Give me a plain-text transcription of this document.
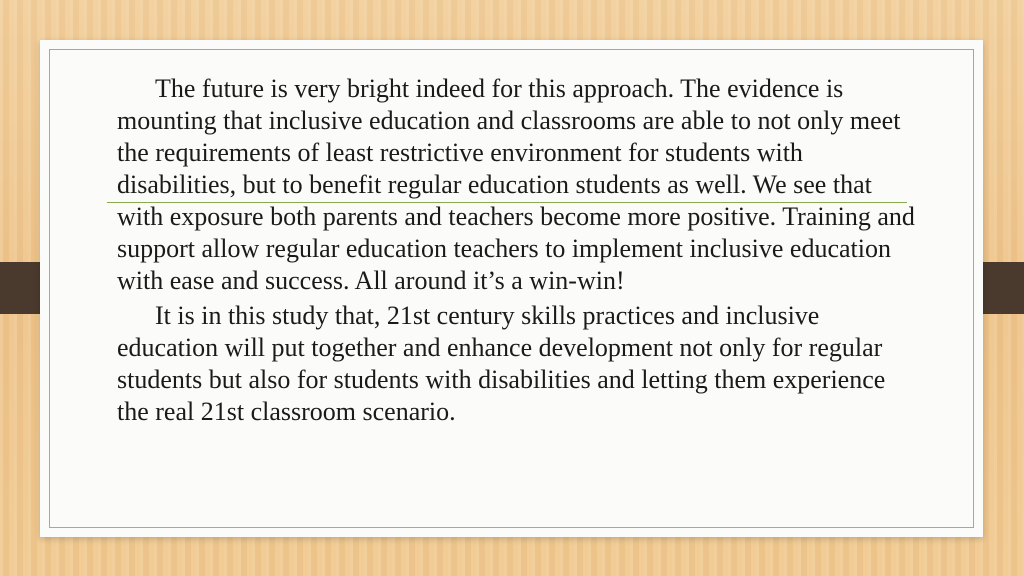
The future is very bright indeed for this approach. The evidence is mounting that inclusive education and classrooms are able to not only meet the requirements of least restrictive environment for students with disabilities, but to benefit regular education students as well. We see that with exposure both parents and teachers become more positive. Training and support allow regular education teachers to implement inclusive education with ease and success. All around it’s a win-win!

It is in this study that, 21st century skills practices and inclusive education will put together and enhance development not only for regular students but also for students with disabilities and letting them experience the real 21st classroom scenario.
